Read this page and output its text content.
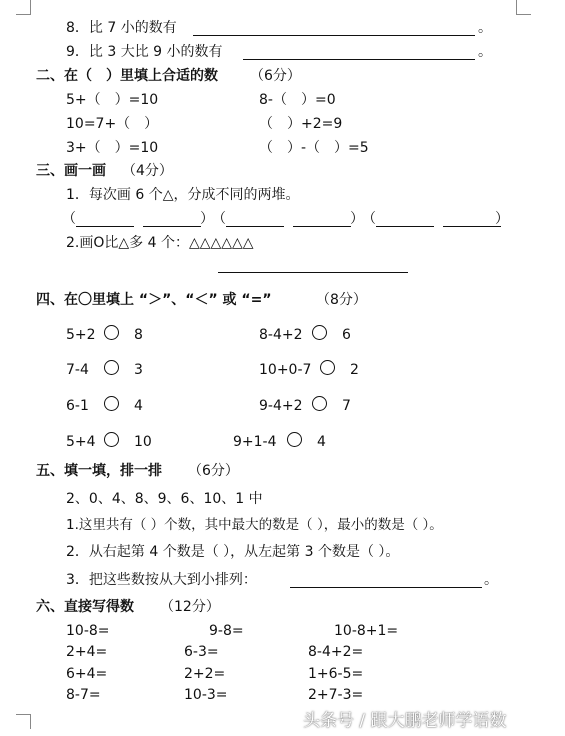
8．比 7 小的数有	。
9．比 3 大比 9 小的数有	。
二、在（　）里填上合适的数 （6分）
5+（　）=10	8-（　）=0
10=7+（　）	（　）+2=9
3+（　）=10	（　）-（　）=5
三、画一画 （4分）
1．每次画 6 个△，分成不同的两堆。
（	）
（	）
（	）
2.画O比△多 4 个：△△△△△△
四、在〇里填上 “＞”、“＜” 或 “=”	（8分）
5+2	8	8-4+2	6
7-4	3	10+0-7	2
6-1	4	9-4+2	7
5+4	10	9+1-4	4
五、填一填，排一排 （6分）
2、0、4、8、9、6、10、1 中
1.这里共有（ ）个数，其中最大的数是（ ），最小的数是（ ）。
2．从右起第 4 个数是（ ），从左起第 3 个数是（ ）。
3．把这些数按从大到小排列：	。
六、直接写得数 （12分）
10-8=	9-8=	10-8+1=
2+4=	6-3=	8-4+2=
6+4=	2+2=	1+6-5=
8-7=	10-3=	2+7-3=
头条号 / 跟大鹏老师学语数
